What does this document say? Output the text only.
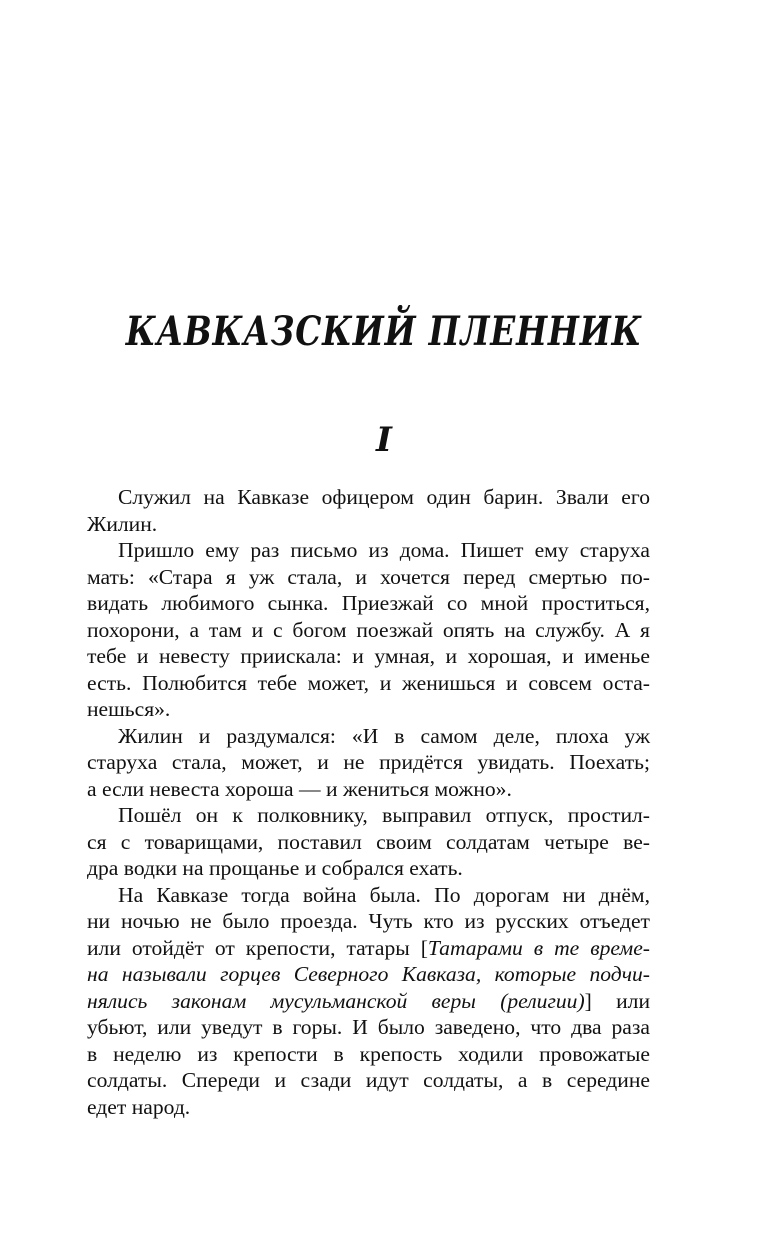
КАВКАЗСКИЙ ПЛЕННИК
I

Служил на Кавказе офицером один барин. Звали его
Жилин.

Пришло ему раз письмо из дома. Пишет ему старуха
мать: «Стара я уж стала, и хочется перед смертью по-
видать любимого сынка. Приезжай со мной проститься,
похорони, а там и с богом поезжай опять на службу. А я
тебе и невесту приискала: и умная, и хорошая, и именье
есть. Полюбится тебе может, и женишься и совсем оста-
нешься».

Жилин и раздумался: «И в самом деле, плоха уж
старуха стала, может, и не придётся увидать. Поехать;
а если невеста хороша — и жениться можно».

Пошёл он к полковнику, выправил отпуск, простил-
ся с товарищами, поставил своим солдатам четыре ве-
дра водки на прощанье и собрался ехать.

На Кавказе тогда война была. По дорогам ни днём,
ни ночью не было проезда. Чуть кто из русских отъедет
или отойдёт от крепости, татары [Татарами в те време-
на называли горцев Северного Кавказа, которые подчи-
нялись законам мусульманской веры (религии)] или
убьют, или уведут в горы. И было заведено, что два раза
в неделю из крепости в крепость ходили провожатые
солдаты. Спереди и сзади идут солдаты, а в середине
едет народ.
